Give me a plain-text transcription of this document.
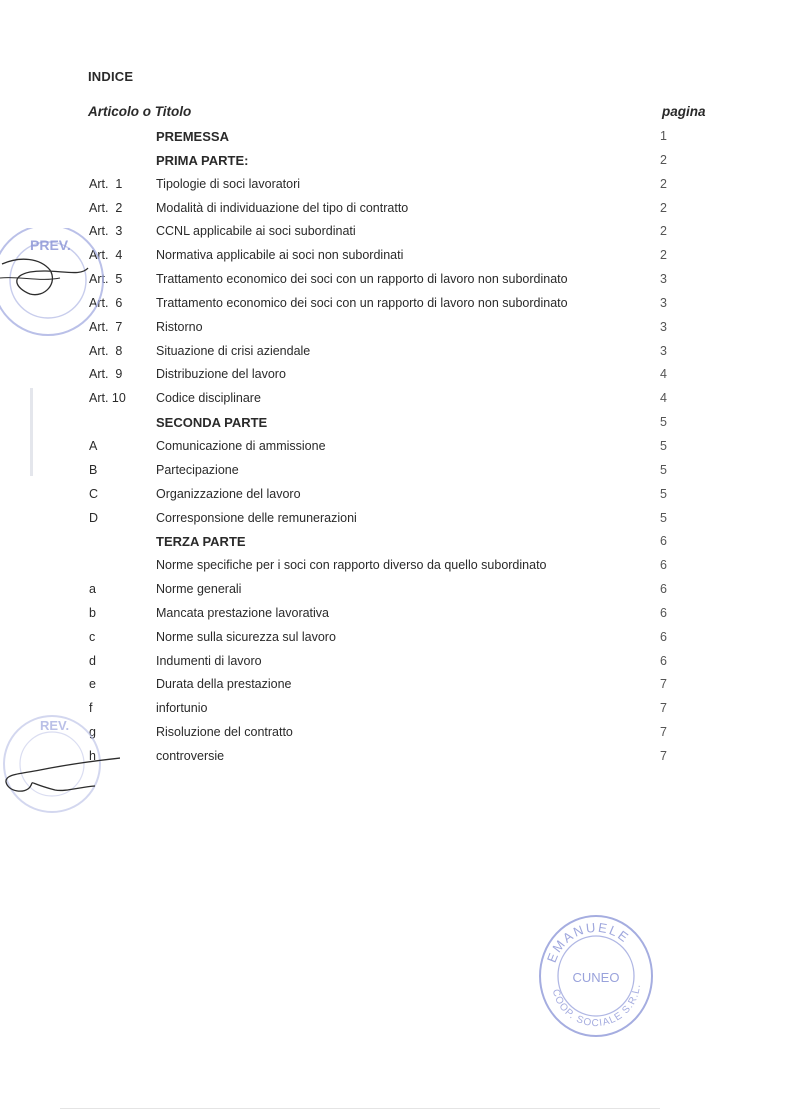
INDICE
Articolo o Titolo	pagina
PREMESSA	1
PRIMA PARTE:	2
Art.  1	Tipologie di soci lavoratori	2
Art.  2	Modalità di individuazione del tipo di contratto	2
Art.  3	CCNL applicabile ai soci subordinati	2
Art.  4	Normativa applicabile ai soci non subordinati	2
Art.  5	Trattamento economico dei soci con un rapporto di lavoro non subordinato	3
Art.  6	Trattamento economico dei soci con un rapporto di lavoro non subordinato	3
Art.  7	Ristorno	3
Art.  8	Situazione di crisi aziendale	3
Art.  9	Distribuzione del lavoro	4
Art. 10 Codice disciplinare	4
SECONDA PARTE	5
A	Comunicazione di ammissione	5
B	Partecipazione	5
C	Organizzazione del lavoro	5
D	Corresponsione delle remunerazioni	5
TERZA PARTE	6
Norme specifiche per i soci con rapporto diverso da quello subordinato	6
a	Norme generali	6
b	Mancata prestazione lavorativa	6
c	Norme sulla sicurezza sul lavoro	6
d	Indumenti di lavoro	6
e	Durata della prestazione	7
f	infortunio	7
g	Risoluzione del contratto	7
h	controversie	7
PREV.
REV.
EMANUELE
CUNEO
COOP. SOCIALE S.R.L.
